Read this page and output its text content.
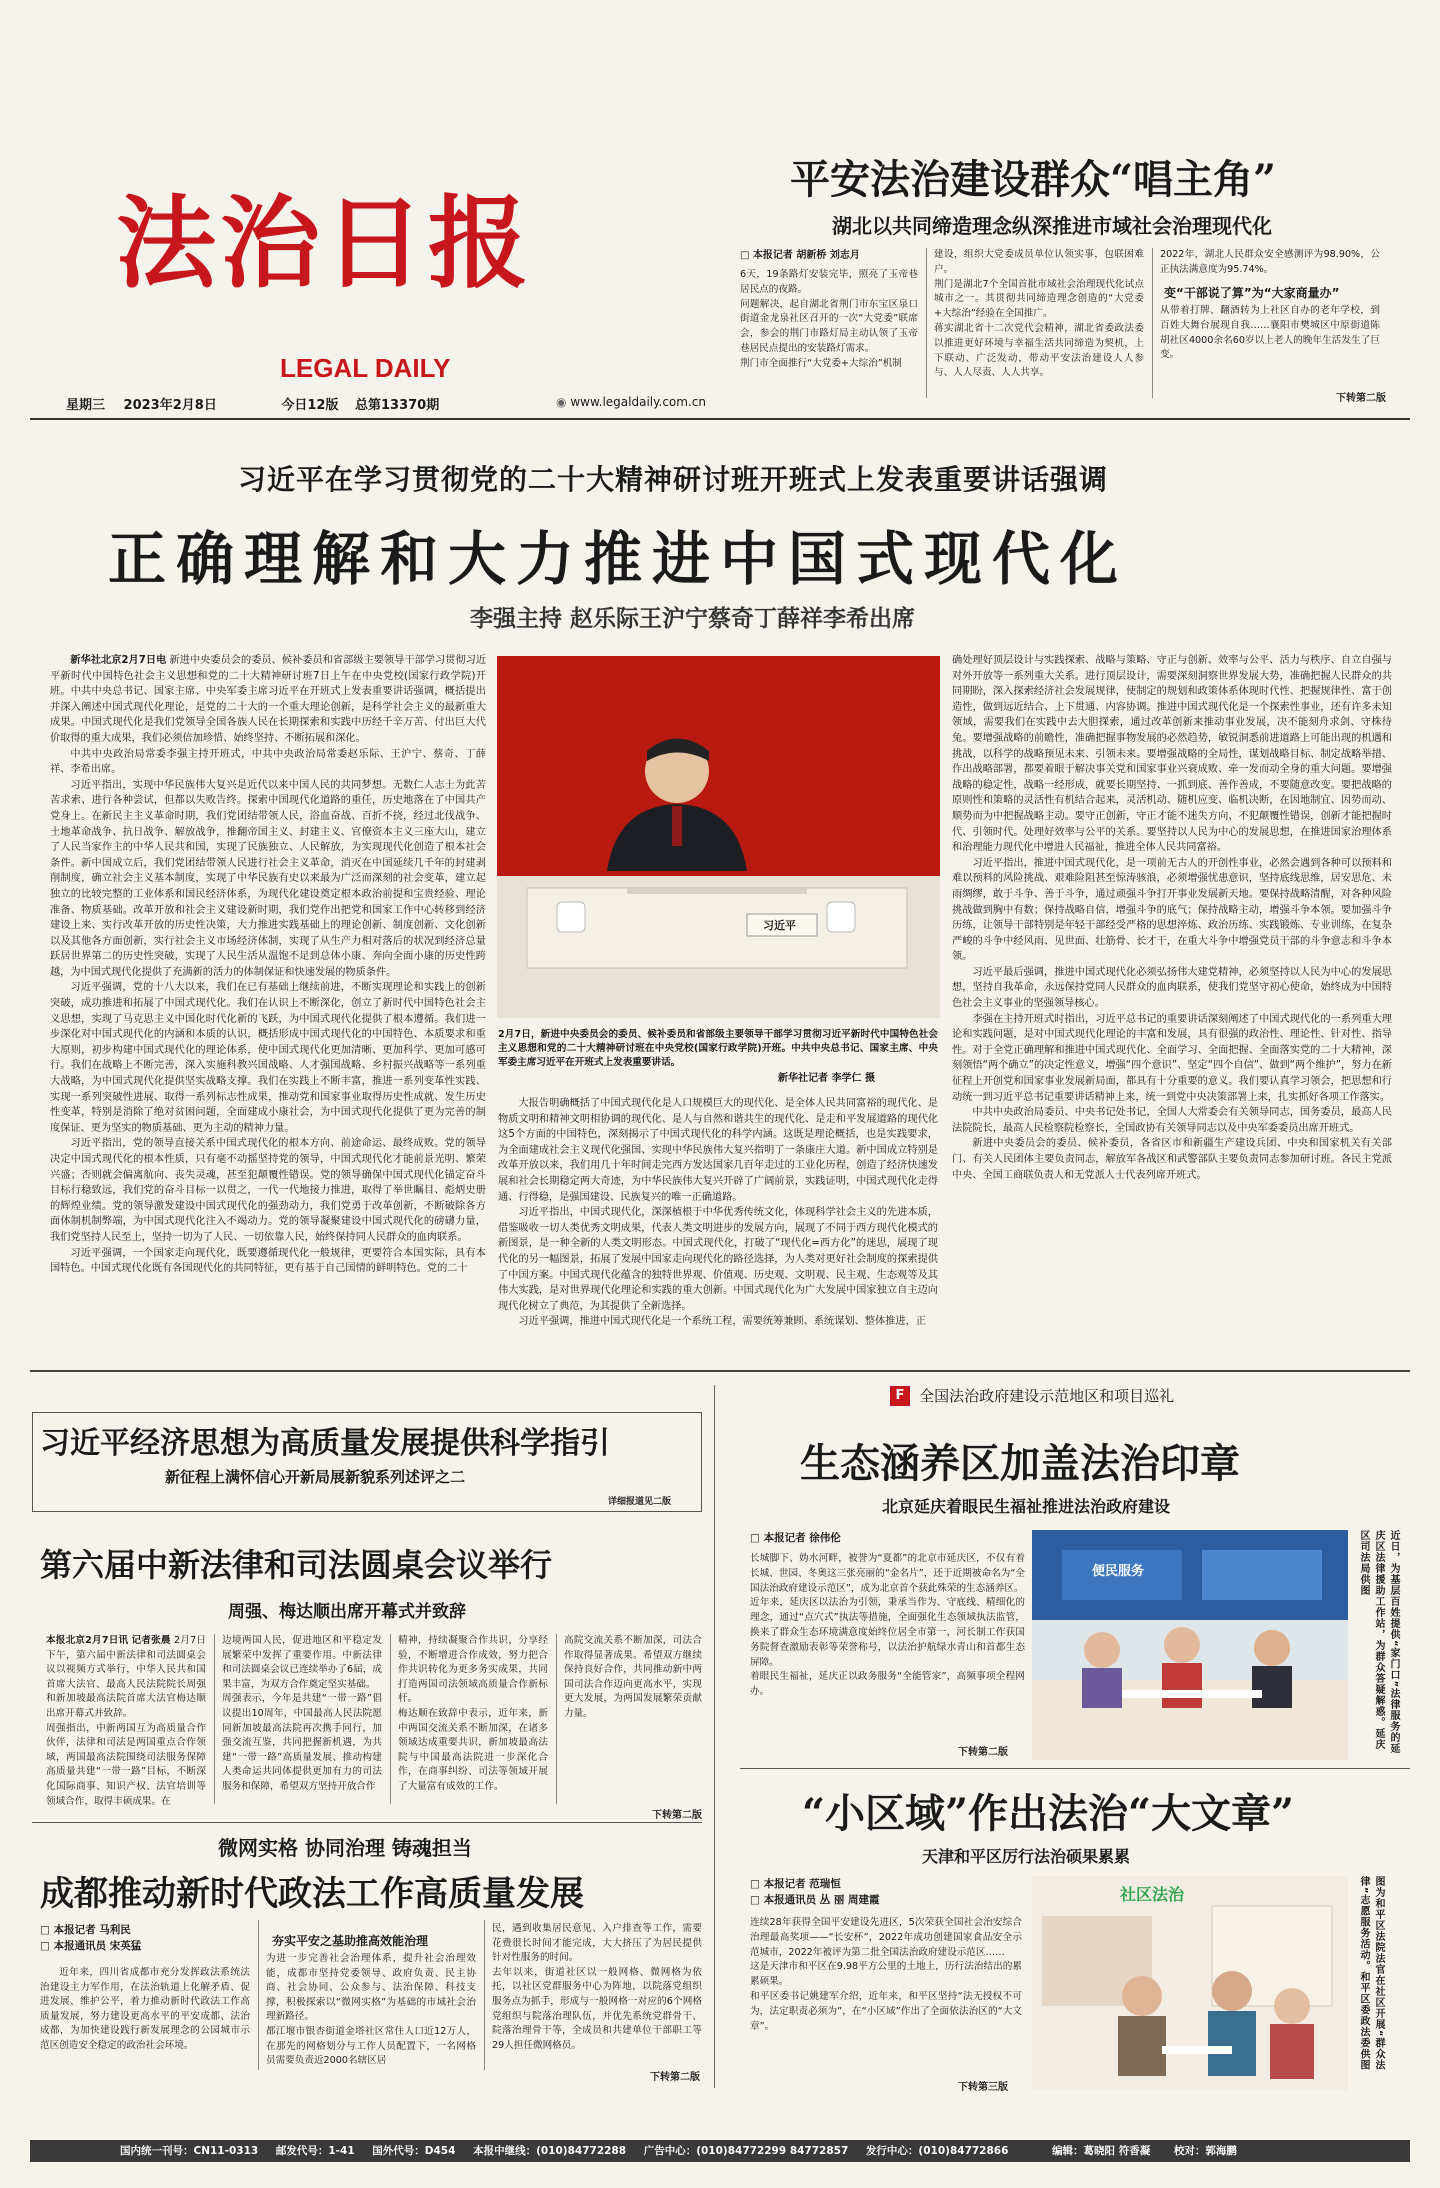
法治日报
LEGAL DAILY
星期三 2023年2月8日	今日12版 总第13370期	◉ www.legaldaily.com.cn
平安法治建设群众“唱主角”
湖北以共同缔造理念纵深推进市域社会治理现代化
□ 本报记者 胡新桥 刘志月
6天，19条路灯安装完毕，照亮了玉帝巷居民点的夜路。
问题解决，起自湖北省荆门市东宝区泉口街道金龙泉社区召开的一次“大党委”联席会，参会的荆门市路灯局主动认领了玉帝巷居民点提出的安装路灯需求。
荆门市全面推行“大党委+大综治”机制
建设，组织大党委成员单位认领实事，包联困难户。
荆门是湖北7个全国首批市域社会治理现代化试点城市之一。其贯彻共同缔造理念创造的“大党委+大综治”经验在全国推广。
蒋实湖北省十二次党代会精神，湖北省委政法委以推进更好环境与幸福生活共同缔造为契机，上下联动、广泛发动，带动平安法治建设人人参与、人人尽责、人人共享。
2022年，湖北人民群众安全感测评为98.90%，公正执法满意度为95.74%。
变“干部说了算”为“大家商量办”
从带着打牌、翻酒转为上社区自办的老年学校，到百姓大舞台展现自我……襄阳市樊城区中原街道陈胡社区4000余名60岁以上老人的晚年生活发生了巨变。
下转第二版
习近平在学习贯彻党的二十大精神研讨班开班式上发表重要讲话强调
正确理解和大力推进中国式现代化
李强主持 赵乐际王沪宁蔡奇丁薛祥李希出席

新华社北京2月7日电 新进中央委员会的委员、候补委员和省部级主要领导干部学习贯彻习近平新时代中国特色社会主义思想和党的二十大精神研讨班7日上午在中央党校(国家行政学院)开班。中共中央总书记、国家主席、中央军委主席习近平在开班式上发表重要讲话强调，概括提出并深入阐述中国式现代化理论，是党的二十大的一个重大理论创新，是科学社会主义的最新重大成果。中国式现代化是我们党领导全国各族人民在长期探索和实践中历经千辛万苦、付出巨大代价取得的重大成果，我们必须倍加珍惜、始终坚持、不断拓展和深化。

中共中央政治局常委李强主持开班式，中共中央政治局常委赵乐际、王沪宁、蔡奇、丁薛祥、李希出席。

习近平指出，实现中华民族伟大复兴是近代以来中国人民的共同梦想。无数仁人志士为此苦苦求索、进行各种尝试，但都以失败告终。探索中国现代化道路的重任，历史地落在了中国共产党身上。在新民主主义革命时期，我们党团结带领人民，浴血奋战、百折不挠，经过北伐战争、土地革命战争、抗日战争、解放战争，推翻帝国主义、封建主义、官僚资本主义三座大山，建立了人民当家作主的中华人民共和国，实现了民族独立、人民解放，为实现现代化创造了根本社会条件。新中国成立后，我们党团结带领人民进行社会主义革命，消灭在中国延续几千年的封建剥削制度，确立社会主义基本制度，实现了中华民族有史以来最为广泛而深刻的社会变革，建立起独立的比较完整的工业体系和国民经济体系，为现代化建设奠定根本政治前提和宝贵经验、理论准备、物质基础。改革开放和社会主义建设新时期，我们党作出把党和国家工作中心转移到经济建设上来、实行改革开放的历史性决策，大力推进实践基础上的理论创新、制度创新、文化创新以及其他各方面创新，实行社会主义市场经济体制，实现了从生产力相对落后的状况到经济总量跃居世界第二的历史性突破，实现了人民生活从温饱不足到总体小康、奔向全面小康的历史性跨越，为中国式现代化提供了充满新的活力的体制保证和快速发展的物质条件。

习近平强调，党的十八大以来，我们在已有基础上继续前进，不断实现理论和实践上的创新突破，成功推进和拓展了中国式现代化。我们在认识上不断深化，创立了新时代中国特色社会主义思想，实现了马克思主义中国化时代化新的飞跃，为中国式现代化提供了根本遵循。我们进一步深化对中国式现代化的内涵和本质的认识，概括形成中国式现代化的中国特色、本质要求和重大原则，初步构建中国式现代化的理论体系，使中国式现代化更加清晰、更加科学、更加可感可行。我们在战略上不断完善，深入实施科教兴国战略、人才强国战略、乡村振兴战略等一系列重大战略，为中国式现代化提供坚实战略支撑。我们在实践上不断丰富，推进一系列变革性实践、实现一系列突破性进展、取得一系列标志性成果，推动党和国家事业取得历史性成就、发生历史性变革，特别是消除了绝对贫困问题，全面建成小康社会，为中国式现代化提供了更为完善的制度保证、更为坚实的物质基础、更为主动的精神力量。

习近平指出，党的领导直接关系中国式现代化的根本方向、前途命运、最终成败。党的领导决定中国式现代化的根本性质，只有毫不动摇坚持党的领导，中国式现代化才能前景光明、繁荣兴盛；否则就会偏离航向、丧失灵魂，甚至犯颠覆性错误。党的领导确保中国式现代化锚定奋斗目标行稳致远，我们党的奋斗目标一以贯之，一代一代地接力推进，取得了举世瞩目、彪炳史册的辉煌业绩。党的领导激发建设中国式现代化的强劲动力，我们党勇于改革创新，不断破除各方面体制机制弊端，为中国式现代化注入不竭动力。党的领导凝聚建设中国式现代化的磅礴力量，我们党坚持人民至上，坚持一切为了人民、一切依靠人民，始终保持同人民群众的血肉联系。

习近平强调，一个国家走向现代化，既要遵循现代化一般规律，更要符合本国实际，具有本国特色。中国式现代化既有各国现代化的共同特征，更有基于自己国情的鲜明特色。党的二十

习近平
2月7日，新进中央委员会的委员、候补委员和省部级主要领导干部学习贯彻习近平新时代中国特色社会主义思想和党的二十大精神研讨班在中央党校(国家行政学院)开班。中共中央总书记、国家主席、中央军委主席习近平在开班式上发表重要讲话。
新华社记者 李学仁 摄

大报告明确概括了中国式现代化是人口规模巨大的现代化、是全体人民共同富裕的现代化、是物质文明和精神文明相协调的现代化、是人与自然和谐共生的现代化、是走和平发展道路的现代化这5个方面的中国特色，深刻揭示了中国式现代化的科学内涵。这既是理论概括，也是实践要求，为全面建成社会主义现代化强国、实现中华民族伟大复兴指明了一条康庄大道。新中国成立特别是改革开放以来，我们用几十年时间走完西方发达国家几百年走过的工业化历程，创造了经济快速发展和社会长期稳定两大奇迹，为中华民族伟大复兴开辟了广阔前景，实践证明，中国式现代化走得通、行得稳，是强国建设、民族复兴的唯一正确道路。

习近平指出，中国式现代化，深深植根于中华优秀传统文化，体现科学社会主义的先进本质，借鉴吸收一切人类优秀文明成果，代表人类文明进步的发展方向，展现了不同于西方现代化模式的新图景，是一种全新的人类文明形态。中国式现代化，打破了“现代化=西方化”的迷思，展现了现代化的另一幅图景，拓展了发展中国家走向现代化的路径选择，为人类对更好社会制度的探索提供了中国方案。中国式现代化蕴含的独特世界观、价值观、历史观、文明观、民主观、生态观等及其伟大实践，是对世界现代化理论和实践的重大创新。中国式现代化为广大发展中国家独立自主迈向现代化树立了典范，为其提供了全新选择。

习近平强调，推进中国式现代化是一个系统工程，需要统筹兼顾、系统谋划、整体推进，正

确处理好顶层设计与实践探索、战略与策略、守正与创新、效率与公平、活力与秩序、自立自强与对外开放等一系列重大关系。进行顶层设计，需要深刻洞察世界发展大势，准确把握人民群众的共同期盼，深入探索经济社会发展规律，使制定的规划和政策体系体现时代性、把握规律性、富于创造性，做到远近结合、上下贯通、内容协调。推进中国式现代化是一个探索性事业，还有许多未知领域，需要我们在实践中去大胆探索，通过改革创新来推动事业发展，决不能刻舟求剑、守株待兔。要增强战略的前瞻性，准确把握事物发展的必然趋势，敏锐洞悉前进道路上可能出现的机遇和挑战，以科学的战略预见未来、引领未来。要增强战略的全局性，谋划战略目标、制定战略举措、作出战略部署，都要着眼于解决事关党和国家事业兴衰成败、牵一发而动全身的重大问题。要增强战略的稳定性，战略一经形成，就要长期坚持、一抓到底、善作善成，不要随意改变。要把战略的原则性和策略的灵活性有机结合起来，灵活机动、随机应变、临机决断，在因地制宜、因势而动、顺势而为中把握战略主动。要守正创新，守正才能不迷失方向、不犯颠覆性错误，创新才能把握时代、引领时代。处理好效率与公平的关系。要坚持以人民为中心的发展思想，在推进国家治理体系和治理能力现代化中增进人民福祉，推进全体人民共同富裕。

习近平指出，推进中国式现代化，是一项前无古人的开创性事业，必然会遇到各种可以预料和难以预料的风险挑战、艰难险阻甚至惊涛骇浪，必须增强忧患意识，坚持底线思维，居安思危、未雨绸缪，敢于斗争、善于斗争，通过顽强斗争打开事业发展新天地。要保持战略清醒，对各种风险挑战做到胸中有数；保持战略自信，增强斗争的底气；保持战略主动，增强斗争本领。要加强斗争历练，让领导干部特别是年轻干部经受严格的思想淬炼、政治历练、实践锻炼、专业训练，在复杂严峻的斗争中经风雨、见世面、壮筋骨、长才干，在重大斗争中增强党员干部的斗争意志和斗争本领。

习近平最后强调，推进中国式现代化必须弘扬伟大建党精神，必须坚持以人民为中心的发展思想，坚持自我革命，永远保持党同人民群众的血肉联系，使我们党坚守初心使命，始终成为中国特色社会主义事业的坚强领导核心。

李强在主持开班式时指出，习近平总书记的重要讲话深刻阐述了中国式现代化的一系列重大理论和实践问题，是对中国式现代化理论的丰富和发展，具有很强的政治性、理论性、针对性、指导性。对于全党正确理解和推进中国式现代化、全面学习、全面把握、全面落实党的二十大精神，深刻领悟“两个确立”的决定性意义，增强“四个意识”、坚定“四个自信”、做到“两个维护”，努力在新征程上开创党和国家事业发展新局面，都具有十分重要的意义。我们要认真学习领会，把思想和行动统一到习近平总书记重要讲话精神上来，统一到党中央决策部署上来，扎实抓好各项工作落实。

中共中央政治局委员、中央书记处书记，全国人大常委会有关领导同志，国务委员，最高人民法院院长，最高人民检察院检察长，全国政协有关领导同志以及中央军委委员出席开班式。

新进中央委员会的委员、候补委员，各省区市和新疆生产建设兵团、中央和国家机关有关部门、有关人民团体主要负责同志，解放军各战区和武警部队主要负责同志参加研讨班。各民主党派中央、全国工商联负责人和无党派人士代表列席开班式。

习近平经济思想为高质量发展提供科学指引
新征程上满怀信心开新局展新貌系列述评之二
详细报道见二版
第六届中新法律和司法圆桌会议举行
周强、梅达顺出席开幕式并致辞
本报北京2月7日讯 记者张晨 2月7日下午，第六届中新法律和司法圆桌会议以视频方式举行，中华人民共和国首席大法官、最高人民法院院长周强和新加坡最高法院首席大法官梅达顺出席开幕式并致辞。
周强指出，中新两国互为高质量合作伙伴，法律和司法是两国重点合作领域，两国最高法院围绕司法服务保障高质量共建“一带一路”目标，不断深化国际商事、知识产权、法官培训等领域合作，取得丰硕成果。在
边境两国人民，促进地区和平稳定发展繁荣中发挥了重要作用。中新法律和司法圆桌会议已连续举办了6届，成果丰富，为双方合作奠定坚实基础。
周强表示，今年是共建“一带一路”倡议提出10周年，中国最高人民法院愿同新加坡最高法院再次携手同行，加强交流互鉴，共同把握新机遇，为共建“一带一路”高质量发展、推动构建人类命运共同体提供更加有力的司法服务和保障，希望双方坚持开放合作
精神，持续凝聚合作共识，分享经验，不断增进合作成效，努力把合作共识转化为更多务实成果，共同打造两国司法领域高质量合作新标杆。
梅达顺在致辞中表示，近年来，新中两国交流关系不断加深，在诸多领域达成重要共识，新加坡最高法院与中国最高法院进一步深化合作，在商事纠纷、司法等领域开展了大量富有成效的工作。
高院交流关系不断加深，司法合作取得显著成果。希望双方继续保持良好合作，共同推动新中两国司法合作迈向更高水平，实现更大发展，为两国发展繁荣贡献力量。
下转第二版
微网实格 协同治理 铸魂担当
成都推动新时代政法工作高质量发展
□ 本报记者 马利民
□ 本报通讯员 宋英猛
近年来，四川省成都市充分发挥政法系统法治建设主力军作用，在法治轨道上化解矛盾、促进发展、维护公平，着力推动新时代政法工作高质量发展，努力建设更高水平的平安成都、法治成都，为加快建设践行新发展理念的公园城市示范区创造安全稳定的政治社会环境。
夯实平安之基助推高效能治理
为进一步完善社会治理体系，提升社会治理效能，成都市坚持党委领导、政府负责、民主协商、社会协同、公众参与、法治保障、科技支撑，积极探索以“微网实格”为基础的市域社会治理新路径。
都江堰市银杏街道金塔社区常住人口近12万人，在那先的网格划分与工作人员配置下，一名网格员需要负责近2000名辖区居
民，遇到收集居民意见、入户排查等工作，需要花费很长时间才能完成，大大挤压了为居民提供针对性服务的时间。
去年以来，街道社区以一般网格、微网格为依托，以社区党群服务中心为阵地，以院落党组织服务点为抓手，形成与一般网格一对应的6个网格党组织与院落治理队伍，并优先系统党群骨干、院落治理骨干等，全成员和共建单位干部职工等29人担任微网格员。
下转第二版
F 全国法治政府建设示范地区和项目巡礼
生态涵养区加盖法治印章
北京延庆着眼民生福祉推进法治政府建设
□ 本报记者 徐伟伦
长城脚下、妫水河畔，被誉为“夏都”的北京市延庆区，不仅有着长城、世园、冬奥这三张亮丽的“金名片”，还于近期被命名为“全国法治政府建设示范区”，成为北京首个获此殊荣的生态涵养区。
近年来，延庆区以法治为引领，秉承当作为、守底线、精细化的理念，通过“点穴式”执法等措施，全面强化生态领域执法监管，换来了群众生态环境满意度始终位居全市第一，河长制工作获国务院督查激励表彰等荣誉称号，以法治护航绿水青山和首都生态屏障。
着眼民生福祉，延庆正以政务服务“全能管家”，高频事项全程网办。
下转第二版
便民服务	近日，为基层百姓提供“家门口”法律服务的延庆区法律援助工作站，为群众答疑解惑。延庆区司法局供图
“小区域”作出法治“大文章”
天津和平区厉行法治硕果累累
□ 本报记者 范瑞恒
□ 本报通讯员 丛 丽 周建霞
连续28年获得全国平安建设先进区，5次荣获全国社会治安综合治理最高奖项——“长安杯”，2022年成功创建国家食品安全示范城市，2022年被评为第二批全国法治政府建设示范区……
这是天津市和平区在9.98平方公里的土地上，历行法治结出的累累硕果。
和平区委书记姚建军介绍，近年来，和平区坚持“法无授权不可为，法定职责必须为”，在“小区域”作出了全面依法治区的“大文章”。
下转第三版
社区法治	图为和平区法院法官在社区开展“群众法律”志愿服务活动。和平区委政法委供图
国内统一刊号：CN11-0313 邮发代号：1-41 国外代号：D454 本报中继线：(010)84772288 广告中心：(010)84772299 84772857 发行中心：(010)84772866	编辑：葛晓阳 符香凝 校对：郭海鹏
